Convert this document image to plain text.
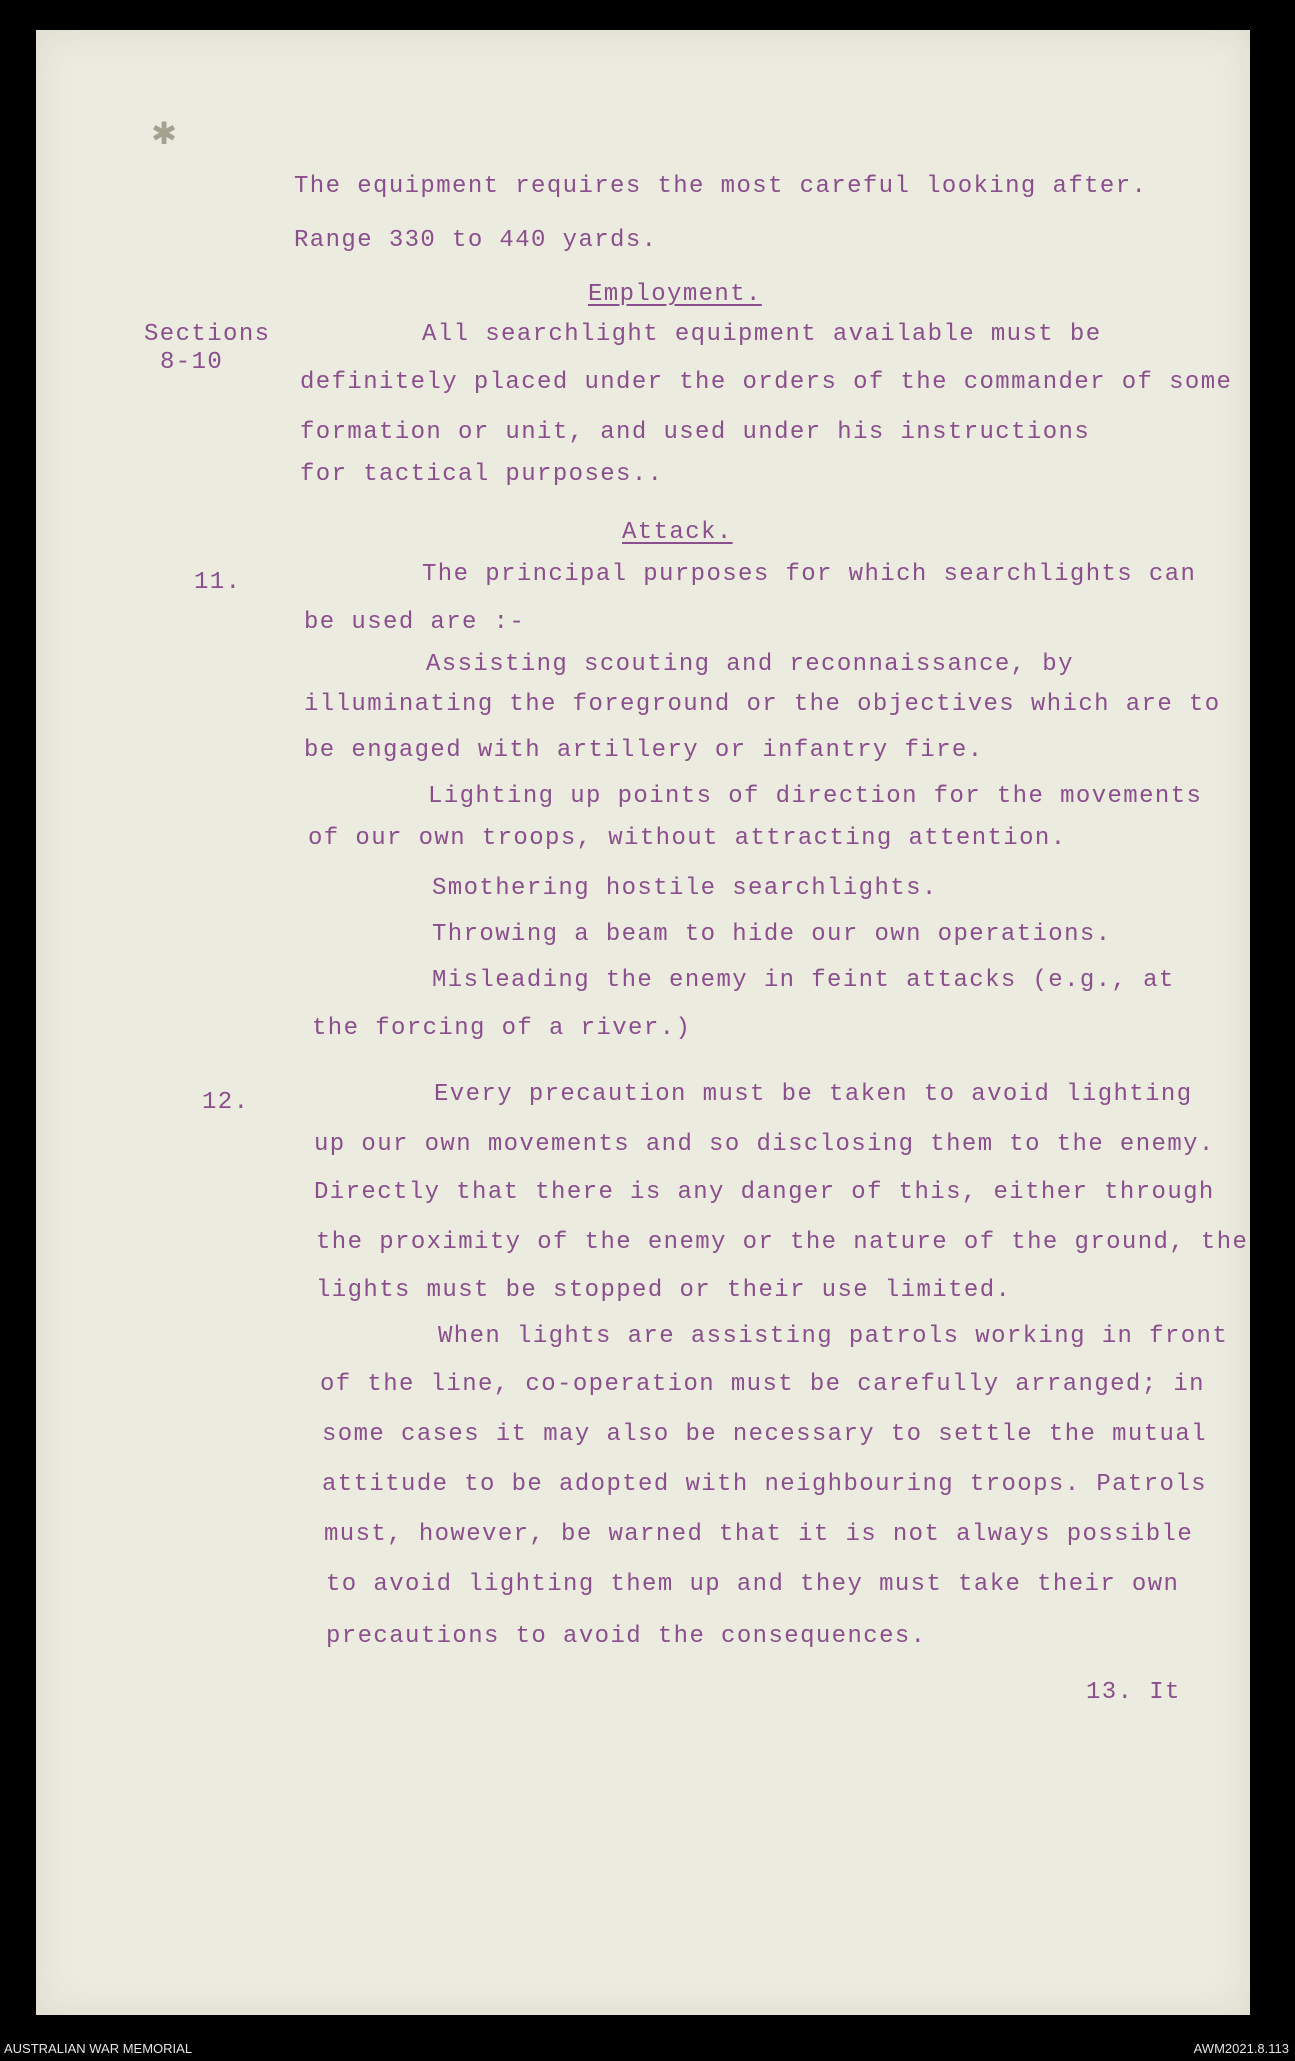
✱
The equipment requires the most careful looking after.
Range 330 to 440 yards.
Employment.
Sections
8-10
All searchlight equipment available must be
definitely placed under the orders of the commander of some
formation or unit, and used under his instructions
for tactical purposes..
Attack.
11.	The principal purposes for which searchlights can
be used are :-
Assisting scouting and reconnaissance, by
illuminating the foreground or the objectives which are to
be engaged with artillery or infantry fire.
Lighting up points of direction for the movements
of our own troops, without attracting attention.
Smothering hostile searchlights.
Throwing a beam to hide our own operations.
Misleading the enemy in feint attacks (e.g., at
the forcing of a river.)
12.	Every precaution must be taken to avoid lighting
up our own movements and so disclosing them to the enemy.
Directly that there is any danger of this, either through
the proximity of the enemy or the nature of the ground, the
lights must be stopped or their use limited.
When lights are assisting patrols working in front
of the line, co-operation must be carefully arranged; in
some cases it may also be necessary to settle the mutual
attitude to be adopted with neighbouring troops. Patrols
must, however, be warned that it is not always possible
to avoid lighting them up and they must take their own
precautions to avoid the consequences.
13. It
AUSTRALIAN WAR MEMORIAL	AWM2021.8.113
